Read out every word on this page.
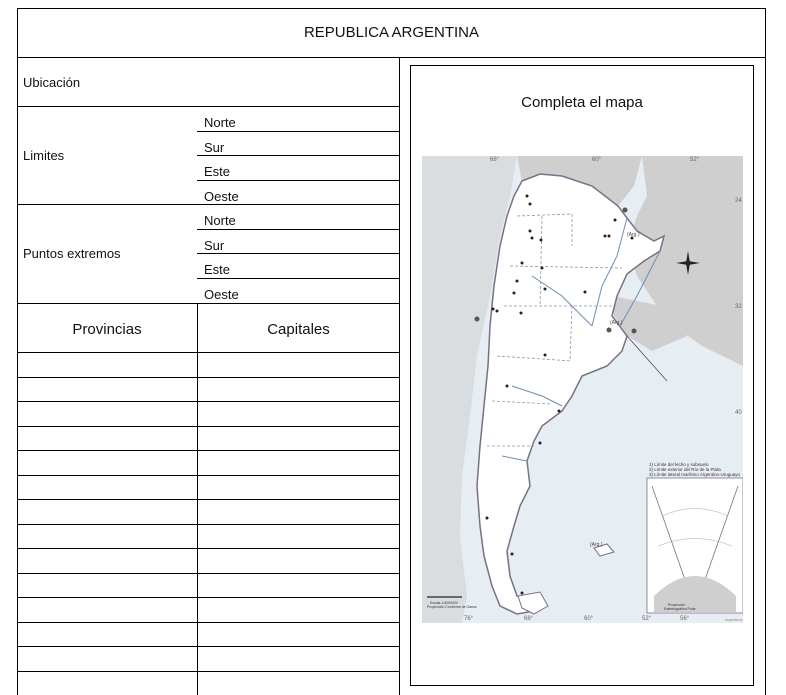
REPUBLICA ARGENTINA
Ubicación
Limites
Norte
Sur
Este
Oeste
Puntos extremos
Norte
Sur
Este
Oeste
Provincias	Capitales
Completa el mapa
68°	60°	52°
24
32
40
76°	68°	60°	52°	56°
(Arg.)
(Arg.)
(Arg.)
1) Límite del lecho y subsuelo
2) Límite exterior del Río de la Plata
3) Límite lateral marítimo Argentino-Uruguayo
Proyección
Estereográfica Polar
Escala 1:8000000
Proyección Conforme de Gauss
mapoteca
